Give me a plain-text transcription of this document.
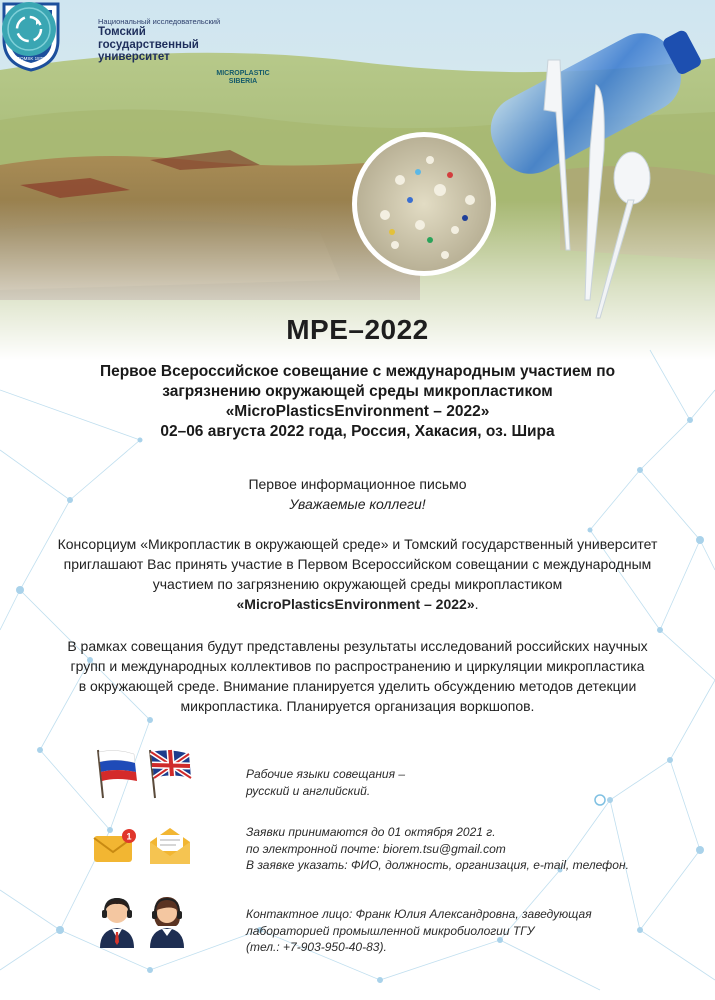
TOMSK 1878
Национальный исследовательский
Томский
государственный
университет
MICROPLASTIC
SIBERIA
MPE–2022
Первое Всероссийское совещание с международным участием по
загрязнению окружающей среды микропластиком
«MicroPlasticsEnvironment – 2022»
02–06 августа 2022 года, Россия, Хакасия, оз. Шира
Первое информационное письмо
Уважаемые коллеги!
Консорциум «Микропластик в окружающей среде» и Томский государственный университет
приглашают Вас принять участие в Первом Всероссийском совещании с международным
участием по загрязнению окружающей среды микропластиком
«MicroPlasticsEnvironment – 2022».
В рамках совещания будут представлены результаты исследований российских научных
групп и международных коллективов по распространению и циркуляции микропластика
в окружающей среде. Внимание планируется уделить обсуждению методов детекции
микропластика. Планируется организация воркшопов.
Рабочие языки совещания –
русский и английский.
1	Заявки принимаются до 01 октября 2021 г.
по электронной почте: biorem.tsu@gmail.com
В заявке указать: ФИО, должность, организация, e-mail, телефон.
Контактное лицо: Франк Юлия Александровна, заведующая
лабораторией промышленной микробиологии ТГУ
(тел.: +7-903-950-40-83).
